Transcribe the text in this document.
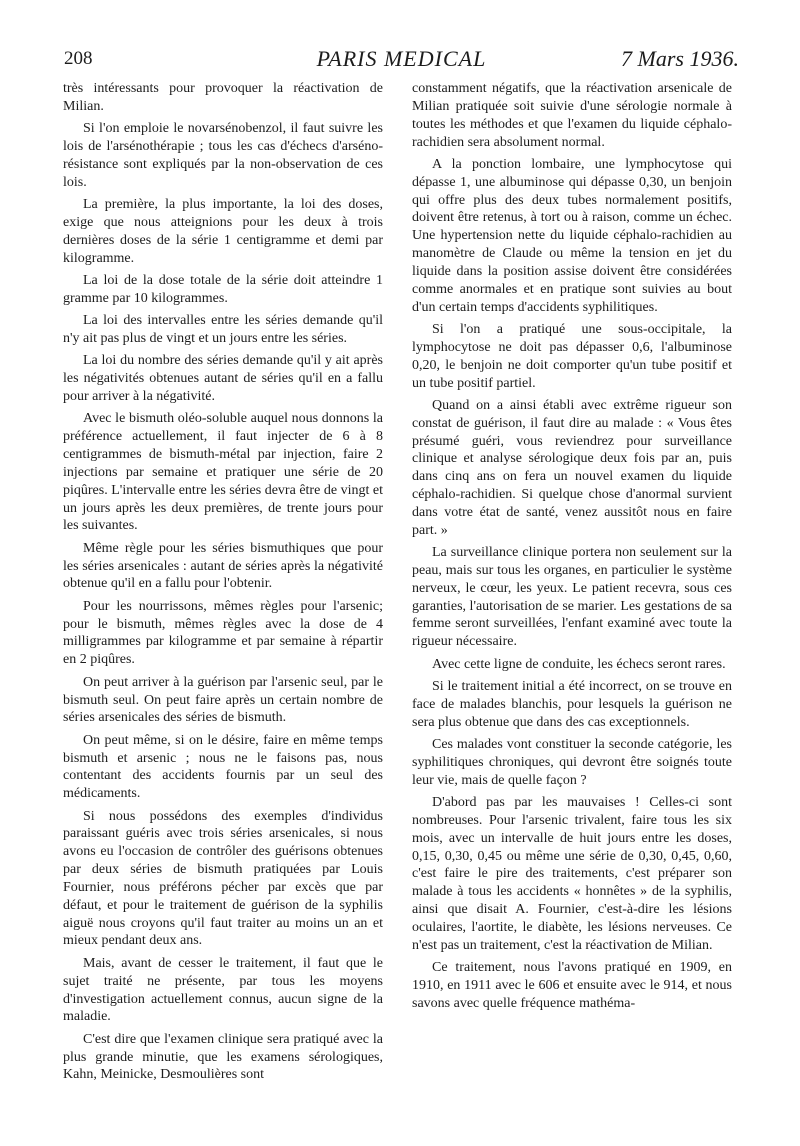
208	PARIS MEDICAL	7 Mars 1936.

très intéressants pour provoquer la réactivation de Milian.

Si l'on emploie le novarsénobenzol, il faut suivre les lois de l'arsénothérapie ; tous les cas d'échecs d'arséno-résistance sont expliqués par la non-observation de ces lois.

La première, la plus importante, la loi des doses, exige que nous atteignions pour les deux à trois dernières doses de la série 1 centigramme et demi par kilogramme.

La loi de la dose totale de la série doit atteindre 1 gramme par 10 kilogrammes.

La loi des intervalles entre les séries demande qu'il n'y ait pas plus de vingt et un jours entre les séries.

La loi du nombre des séries demande qu'il y ait après les négativités obtenues autant de séries qu'il en a fallu pour arriver à la négativité.

Avec le bismuth oléo-soluble auquel nous donnons la préférence actuellement, il faut injecter de 6 à 8 centigrammes de bismuth-métal par injection, faire 2 injections par semaine et pratiquer une série de 20 piqûres. L'intervalle entre les séries devra être de vingt et un jours après les deux premières, de trente jours pour les suivantes.

Même règle pour les séries bismuthiques que pour les séries arsenicales : autant de séries après la négativité obtenue qu'il en a fallu pour l'obtenir.

Pour les nourrissons, mêmes règles pour l'arsenic; pour le bismuth, mêmes règles avec la dose de 4 milligrammes par kilogramme et par semaine à répartir en 2 piqûres.

On peut arriver à la guérison par l'arsenic seul, par le bismuth seul. On peut faire après un certain nombre de séries arsenicales des séries de bismuth.

On peut même, si on le désire, faire en même temps bismuth et arsenic ; nous ne le faisons pas, nous contentant des accidents fournis par un seul des médicaments.

Si nous possédons des exemples d'individus paraissant guéris avec trois séries arsenicales, si nous avons eu l'occasion de contrôler des guérisons obtenues par deux séries de bismuth pratiquées par Louis Fournier, nous préférons pécher par excès que par défaut, et pour le traitement de guérison de la syphilis aiguë nous croyons qu'il faut traiter au moins un an et mieux pendant deux ans.

Mais, avant de cesser le traitement, il faut que le sujet traité ne présente, par tous les moyens d'investigation actuellement connus, aucun signe de la maladie.

C'est dire que l'examen clinique sera pratiqué avec la plus grande minutie, que les examens sérologiques, Kahn, Meinicke, Desmoulières sont

constamment négatifs, que la réactivation arsenicale de Milian pratiquée soit suivie d'une sérologie normale à toutes les méthodes et que l'examen du liquide céphalo-rachidien sera absolument normal.

A la ponction lombaire, une lymphocytose qui dépasse 1, une albuminose qui dépasse 0,30, un benjoin qui offre plus des deux tubes normalement positifs, doivent être retenus, à tort ou à raison, comme un échec. Une hypertension nette du liquide céphalo-rachidien au manomètre de Claude ou même la tension en jet du liquide dans la position assise doivent être considérées comme anormales et en pratique sont suivies au bout d'un certain temps d'accidents syphilitiques.

Si l'on a pratiqué une sous-occipitale, la lymphocytose ne doit pas dépasser 0,6, l'albuminose 0,20, le benjoin ne doit comporter qu'un tube positif et un tube positif partiel.

Quand on a ainsi établi avec extrême rigueur son constat de guérison, il faut dire au malade : « Vous êtes présumé guéri, vous reviendrez pour surveillance clinique et analyse sérologique deux fois par an, puis dans cinq ans on fera un nouvel examen du liquide céphalo-rachidien. Si quelque chose d'anormal survient dans votre état de santé, venez aussitôt nous en faire part. »

La surveillance clinique portera non seulement sur la peau, mais sur tous les organes, en particulier le système nerveux, le cœur, les yeux. Le patient recevra, sous ces garanties, l'autorisation de se marier. Les gestations de sa femme seront surveillées, l'enfant examiné avec toute la rigueur nécessaire.

Avec cette ligne de conduite, les échecs seront rares.

Si le traitement initial a été incorrect, on se trouve en face de malades blanchis, pour lesquels la guérison ne sera plus obtenue que dans des cas exceptionnels.

Ces malades vont constituer la seconde catégorie, les syphilitiques chroniques, qui devront être soignés toute leur vie, mais de quelle façon ?

D'abord pas par les mauvaises ! Celles-ci sont nombreuses. Pour l'arsenic trivalent, faire tous les six mois, avec un intervalle de huit jours entre les doses, 0,15, 0,30, 0,45 ou même une série de 0,30, 0,45, 0,60, c'est faire le pire des traitements, c'est préparer son malade à tous les accidents « honnêtes » de la syphilis, ainsi que disait A. Fournier, c'est-à-dire les lésions oculaires, l'aortite, le diabète, les lésions nerveuses. Ce n'est pas un traitement, c'est la réactivation de Milian.

Ce traitement, nous l'avons pratiqué en 1909, en 1910, en 1911 avec le 606 et ensuite avec le 914, et nous savons avec quelle fréquence mathéma-
